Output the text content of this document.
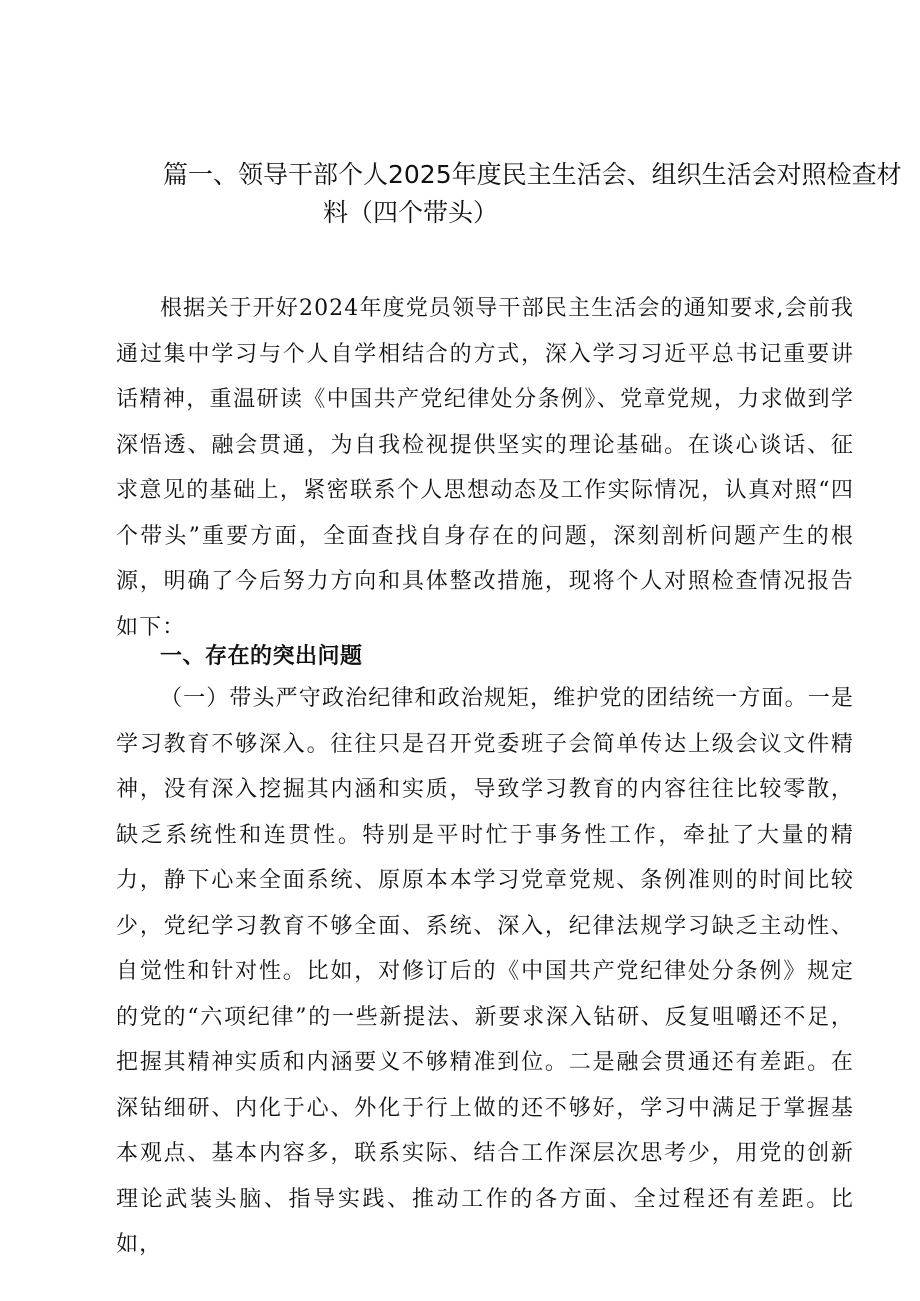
篇一、领导干部个人2025年度民主生活会、组织生活会对照检查材
料（四个带头）

根据关于开好2024年度党员领导干部民主生活会的通知要求,会前我通过集中学习与个人自学相结合的方式，深入学习习近平总书记重要讲话精神，重温研读《中国共产党纪律处分条例》、党章党规，力求做到学深悟透、融会贯通，为自我检视提供坚实的理论基础。在谈心谈话、征求意见的基础上，紧密联系个人思想动态及工作实际情况，认真对照“四个带头”重要方面，全面查找自身存在的问题，深刻剖析问题产生的根源，明确了今后努力方向和具体整改措施，现将个人对照检查情况报告如下：

一、存在的突出问题

（一）带头严守政治纪律和政治规矩，维护党的团结统一方面。一是学习教育不够深入。往往只是召开党委班子会简单传达上级会议文件精神，没有深入挖掘其内涵和实质，导致学习教育的内容往往比较零散，缺乏系统性和连贯性。特别是平时忙于事务性工作，牵扯了大量的精力，静下心来全面系统、原原本本学习党章党规、条例准则的时间比较少，党纪学习教育不够全面、系统、深入，纪律法规学习缺乏主动性、自觉性和针对性。比如，对修订后的《中国共产党纪律处分条例》规定的党的“六项纪律”的一些新提法、新要求深入钻研、反复咀嚼还不足，把握其精神实质和内涵要义不够精准到位。二是融会贯通还有差距。在深钻细研、内化于心、外化于行上做的还不够好，学习中满足于掌握基本观点、基本内容多，联系实际、结合工作深层次思考少，用党的创新理论武装头脑、指导实践、推动工作的各方面、全过程还有差距。比如，
